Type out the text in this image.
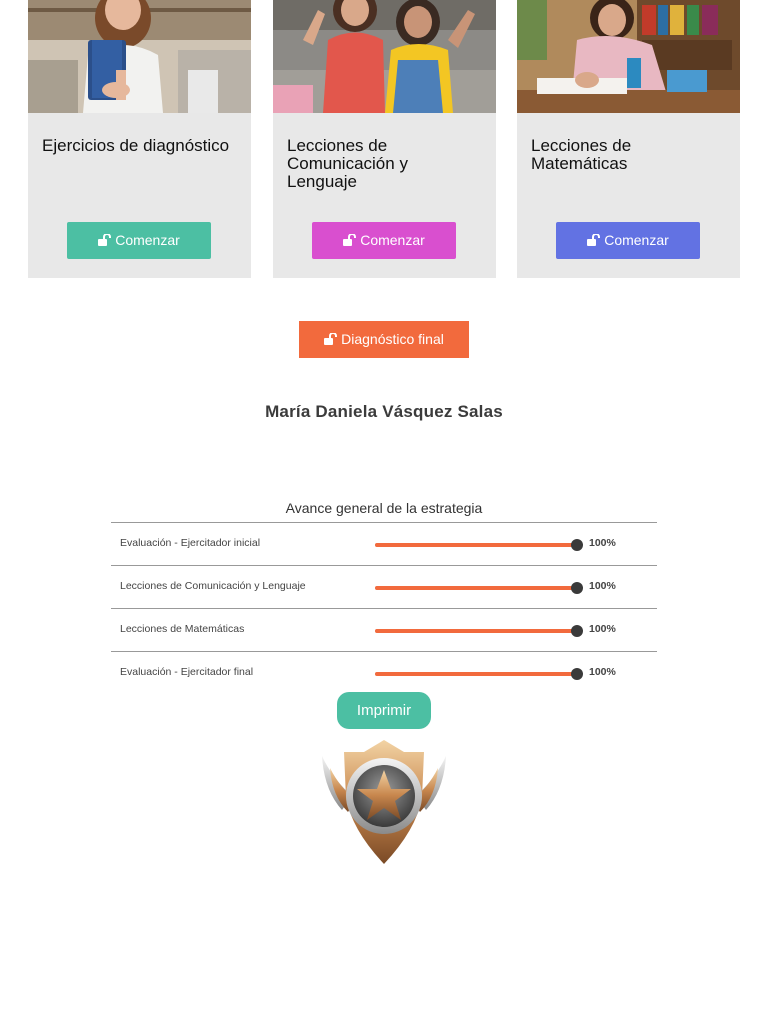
Ejercicios de diagnóstico
Comenzar
Lecciones de Comunicación y Lenguaje
Comenzar
Lecciones de Matemáticas
Comenzar
Diagnóstico final
María Daniela Vásquez Salas
Avance general de la estrategia
Evaluación - Ejercitador inicial	100%
Lecciones de Comunicación y Lenguaje	100%
Lecciones de Matemáticas	100%
Evaluación - Ejercitador final	100%
Imprimir
